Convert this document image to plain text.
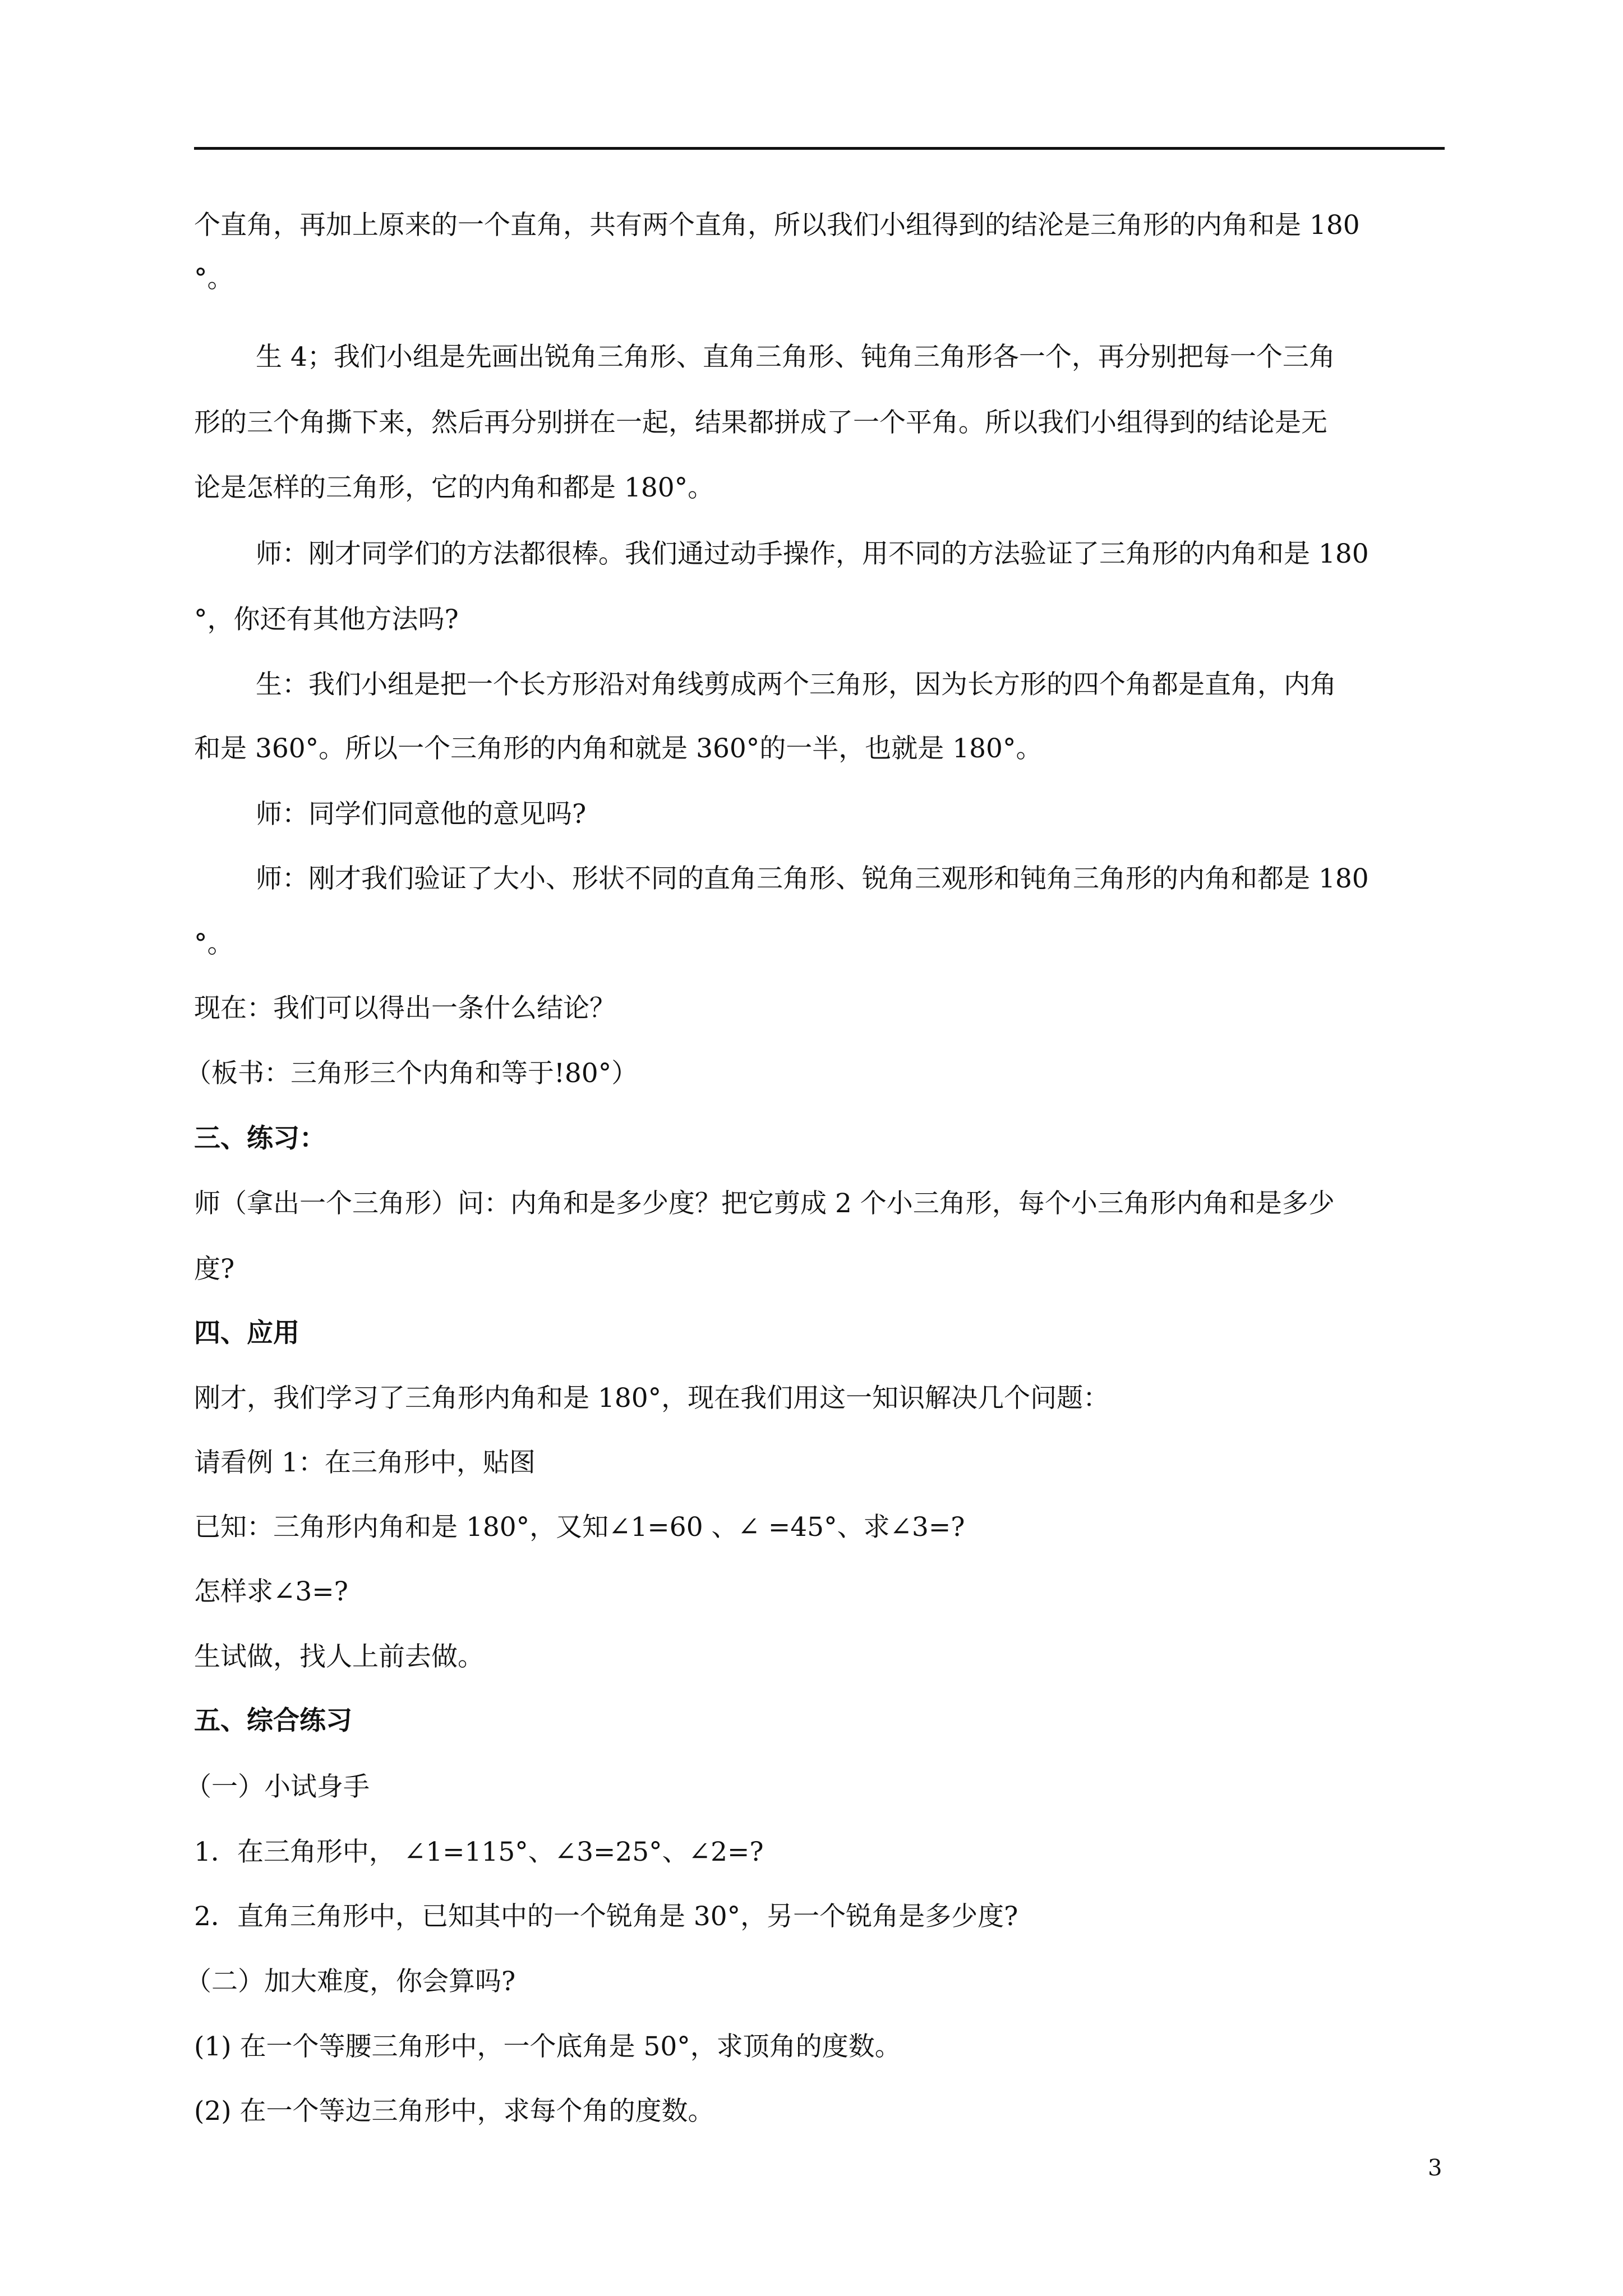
个直角，再加上原来的一个直角，共有两个直角，所以我们小组得到的结沦是三角形的内角和是 180
°。
生 4；我们小组是先画出锐角三角形、直角三角形、钝角三角形各一个，再分别把每一个三角
形的三个角撕下来，然后再分别拼在一起，结果都拼成了一个平角。所以我们小组得到的结论是无
论是怎样的三角形，它的内角和都是 180°。
师：刚才同学们的方法都很棒。我们通过动手操作，用不同的方法验证了三角形的内角和是 180
°，你还有其他方法吗?
生：我们小组是把一个长方形沿对角线剪成两个三角形，因为长方形的四个角都是直角，内角
和是 360°。所以一个三角形的内角和就是 360°的一半，也就是 180°。
师：同学们同意他的意见吗?
师：刚才我们验证了大小、形状不同的直角三角形、锐角三观形和钝角三角形的内角和都是 180
°。
现在：我们可以得出一条什么结论？
（板书：三角形三个内角和等于!80°）
三、练习：
师（拿出一个三角形）问：内角和是多少度？把它剪成 2 个小三角形，每个小三角形内角和是多少
度?
四、应用
刚才，我们学习了三角形内角和是 180°，现在我们用这一知识解决几个问题：
请看例 1：在三角形中，贴图
已知：三角形内角和是 180°，又知∠1=60 、∠ =45°、求∠3=?
怎样求∠3=?
生试做，找人上前去做。
五、综合练习
（一）小试身手
1．在三角形中， ∠1=115°、∠3=25°、∠2=?
2．直角三角形中，已知其中的一个锐角是 30°，另一个锐角是多少度?
（二）加大难度，你会算吗?
(1) 在一个等腰三角形中，一个底角是 50°，求顶角的度数。
(2) 在一个等边三角形中，求每个角的度数。
3
